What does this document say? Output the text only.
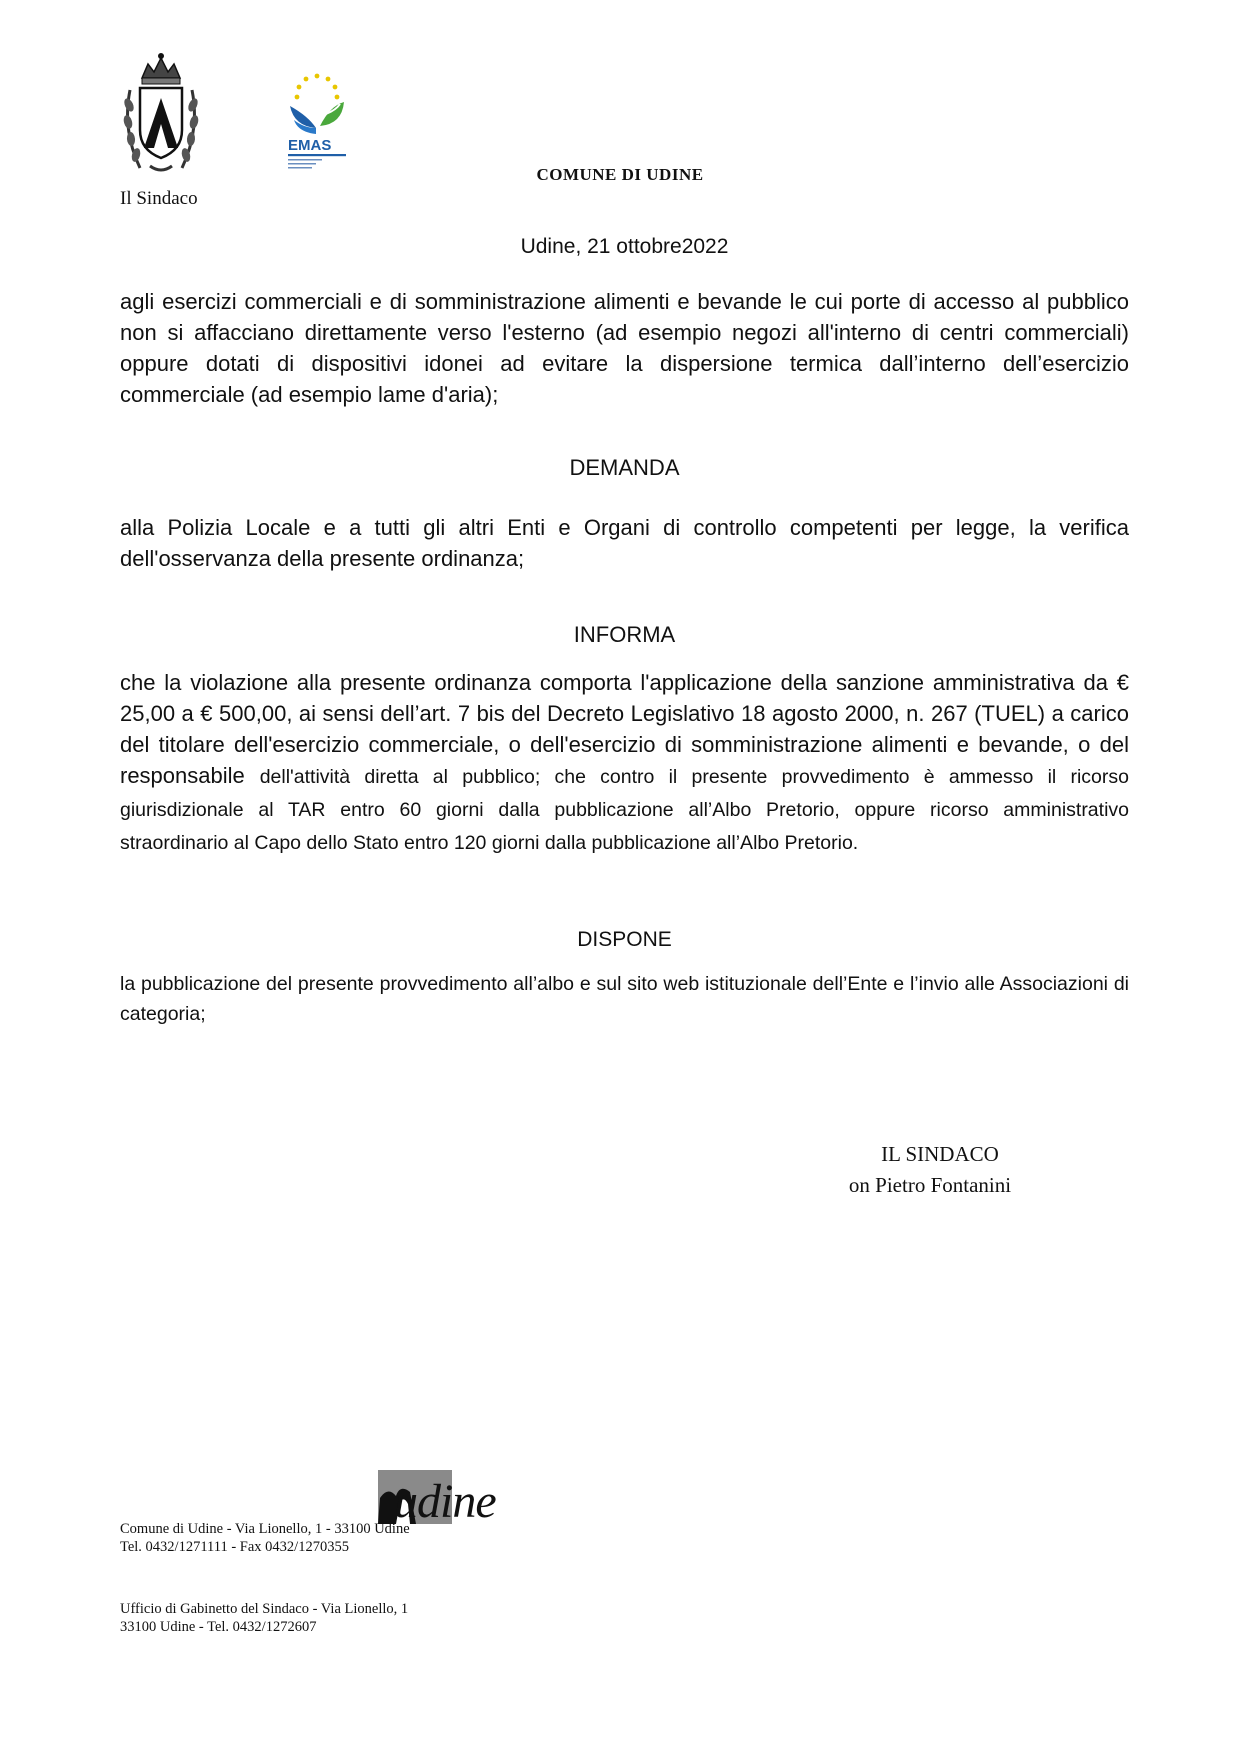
EMAS
Il Sindaco
COMUNE DI UDINE
Udine, 21 ottobre2022
agli esercizi commerciali e di somministrazione alimenti e bevande le cui porte di accesso al pubblico non si affacciano direttamente verso l'esterno (ad esempio negozi all'interno di centri commerciali) oppure dotati di dispositivi idonei ad evitare la dispersione termica dall’interno dell’esercizio commerciale (ad esempio lame d'aria);
DEMANDA
alla Polizia Locale e a tutti gli altri Enti e Organi di controllo competenti per legge, la verifica dell'osservanza della presente ordinanza;
INFORMA
che la violazione alla presente ordinanza comporta l'applicazione della sanzione amministrativa da € 25,00 a € 500,00, ai sensi dell’art. 7 bis del Decreto Legislativo 18 agosto 2000, n. 267 (TUEL) a carico del titolare dell'esercizio commerciale, o dell'esercizio di somministrazione alimenti e bevande, o del responsabile dell'attività diretta al pubblico; che contro il presente provvedimento è ammesso il ricorso giurisdizionale al TAR entro 60 giorni dalla pubblicazione all’Albo Pretorio, oppure ricorso amministrativo straordinario al Capo dello Stato entro 120 giorni dalla pubblicazione all’Albo Pretorio.
DISPONE
la pubblicazione del presente provvedimento all’albo e sul sito web istituzionale dell’Ente e l’invio alle Associazioni di categoria;
IL SINDACO
on Pietro Fontanini
udine
Comune di Udine - Via Lionello, 1 - 33100 Udine
Tel. 0432/1271111 - Fax 0432/1270355
Ufficio di Gabinetto del Sindaco - Via Lionello, 1
33100 Udine - Tel. 0432/1272607
